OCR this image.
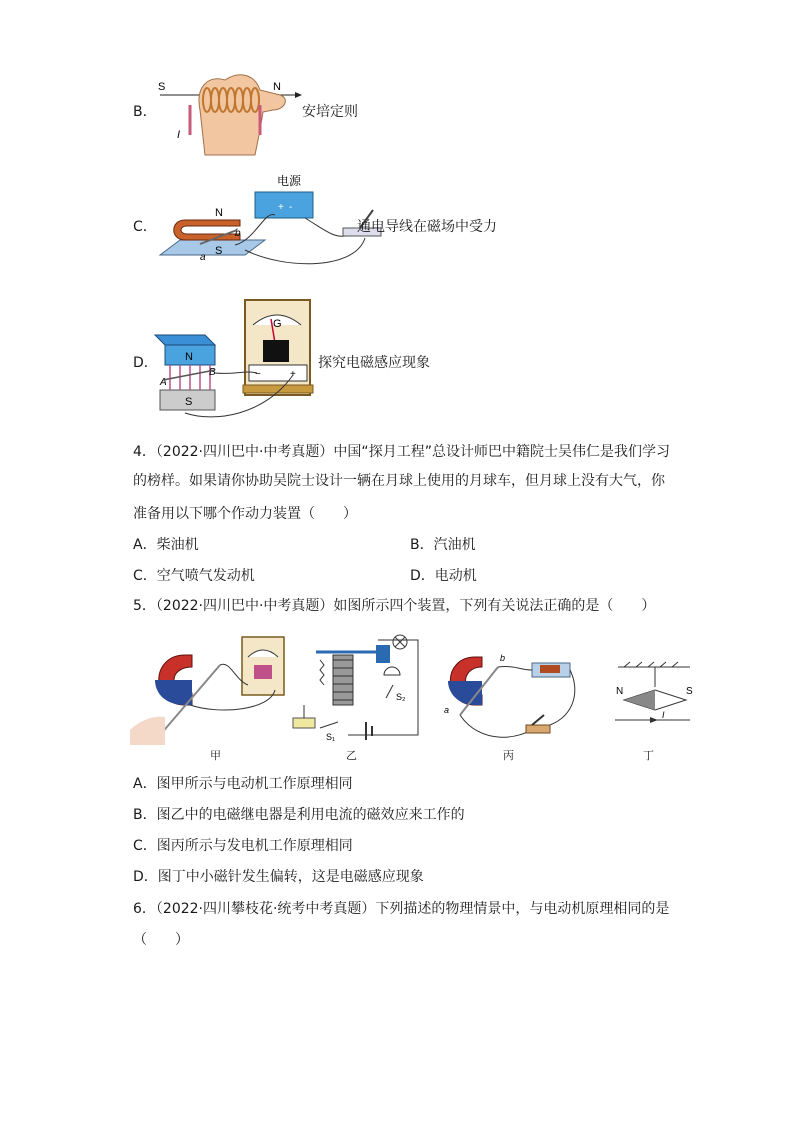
B．
S	N
I
安培定则
C．
电源
+ -
N
S
a
b	通电导线在磁场中受力
D．
G
−	+
N
S
A
B
探究电磁感应现象
4．（2022·四川巴中·中考真题）中国“探月工程”总设计师巴中籍院士吴伟仁是我们学习
的榜样。如果请你协助吴院士设计一辆在月球上使用的月球车，但月球上没有大气，你
准备用以下哪个作动力装置（　　）
A．柴油机	B．汽油机
C．空气喷气发动机	D．电动机
5．（2022·四川巴中·中考真题）如图所示四个装置，下列有关说法正确的是（　　）
甲
S₂
S₁
乙
a
b
丙
N	S
I
丁
A．图甲所示与电动机工作原理相同
B．图乙中的电磁继电器是利用电流的磁效应来工作的
C．图丙所示与发电机工作原理相同
D．图丁中小磁针发生偏转，这是电磁感应现象
6．（2022·四川攀枝花·统考中考真题）下列描述的物理情景中，与电动机原理相同的是
（　　）
